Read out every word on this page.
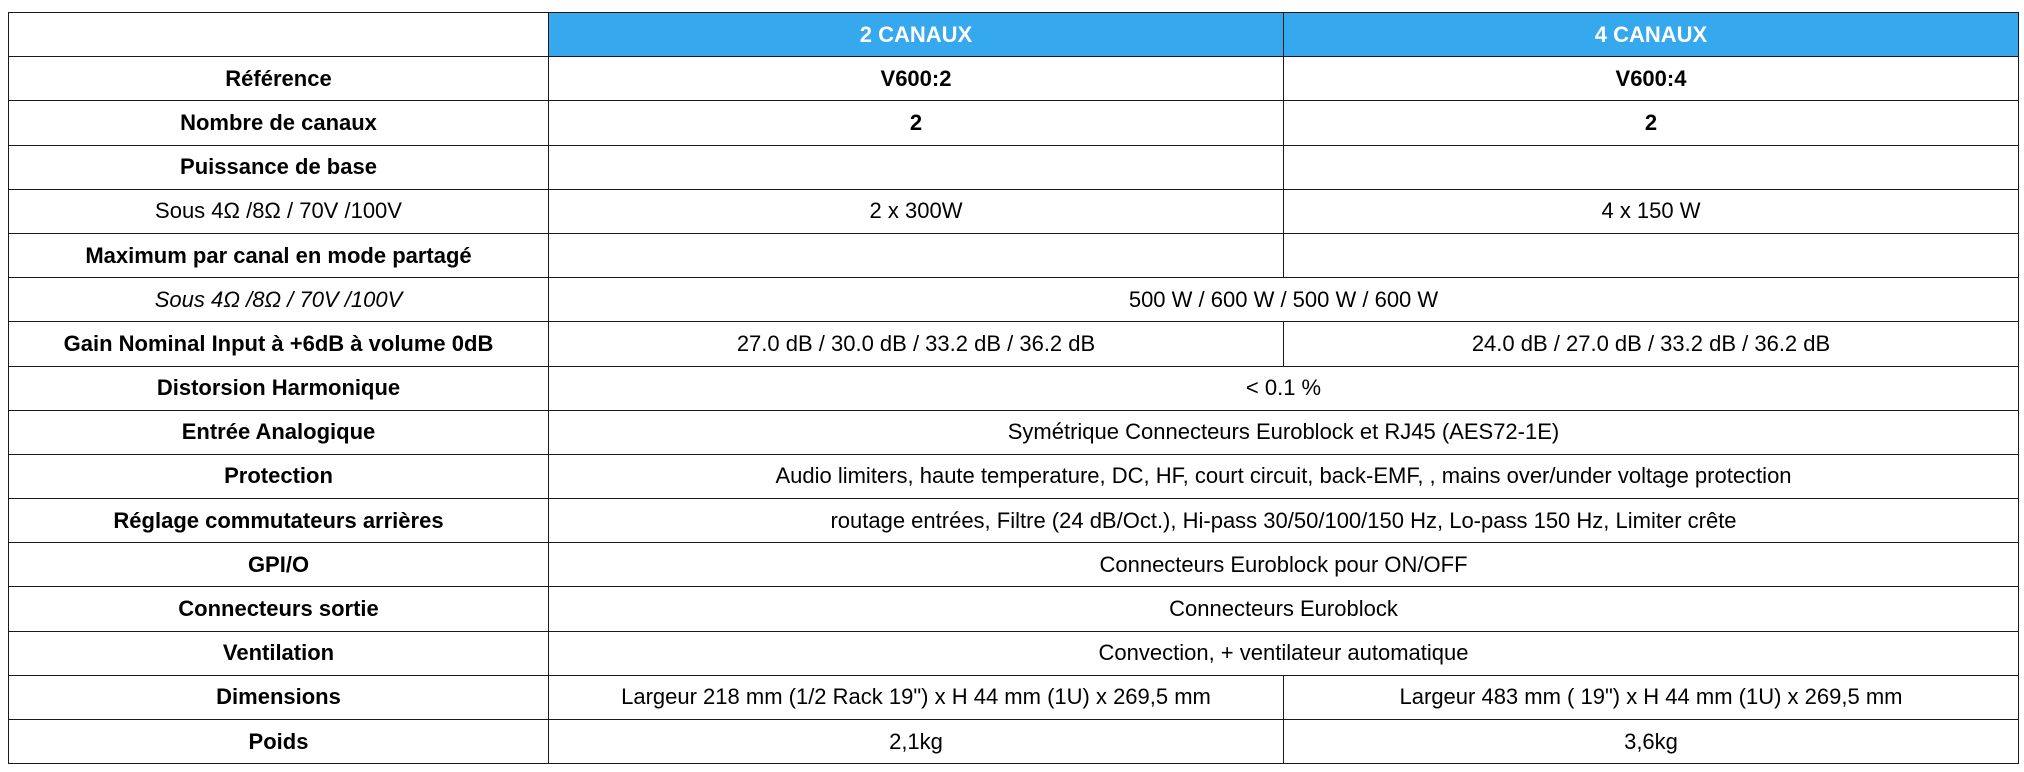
	2 CANAUX	4 CANAUX
Référence	V600:2	V600:4
Nombre de canaux	2	2
Puissance de base		
Sous 4Ω /8Ω / 70V /100V	2 x 300W	4 x 150 W
Maximum par canal en mode partagé		
Sous 4Ω /8Ω / 70V /100V	500 W / 600 W / 500 W / 600 W	
Gain Nominal Input à +6dB à volume 0dB	27.0 dB / 30.0 dB / 33.2 dB / 36.2 dB	24.0 dB / 27.0 dB / 33.2 dB / 36.2 dB
Distorsion Harmonique	< 0.1 %	
Entrée Analogique	Symétrique Connecteurs Euroblock et RJ45 (AES72-1E)	
Protection	Audio limiters, haute temperature, DC, HF, court circuit, back-EMF, , mains over/under voltage protection	
Réglage commutateurs arrières	routage entrées, Filtre (24 dB/Oct.), Hi-pass 30/50/100/150 Hz, Lo-pass 150 Hz, Limiter crête	
GPI/O	Connecteurs Euroblock pour ON/OFF	
Connecteurs sortie	Connecteurs Euroblock	
Ventilation	Convection, + ventilateur automatique	
Dimensions	Largeur 218 mm (1/2 Rack 19") x H 44 mm (1U) x 269,5 mm	Largeur 483 mm ( 19") x H 44 mm (1U) x 269,5 mm
Poids	2,1kg	3,6kg
